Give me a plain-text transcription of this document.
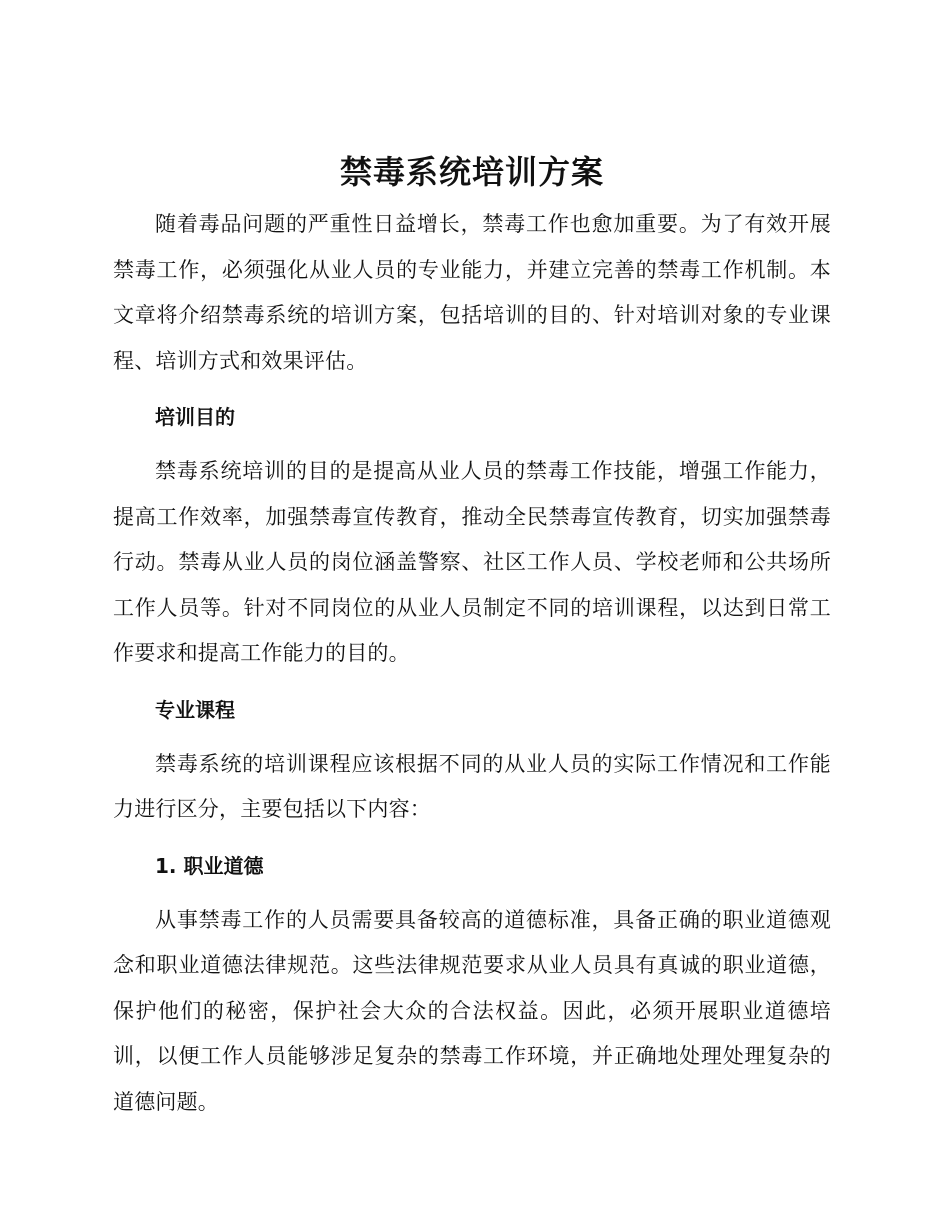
禁毒系统培训方案

随着毒品问题的严重性日益增长，禁毒工作也愈加重要。为了有效开展禁毒工作，必须强化从业人员的专业能力，并建立完善的禁毒工作机制。本文章将介绍禁毒系统的培训方案，包括培训的目的、针对培训对象的专业课程、培训方式和效果评估。

培训目的

禁毒系统培训的目的是提高从业人员的禁毒工作技能，增强工作能力，提高工作效率，加强禁毒宣传教育，推动全民禁毒宣传教育，切实加强禁毒行动。禁毒从业人员的岗位涵盖警察、社区工作人员、学校老师和公共场所工作人员等。针对不同岗位的从业人员制定不同的培训课程，以达到日常工作要求和提高工作能力的目的。

专业课程

禁毒系统的培训课程应该根据不同的从业人员的实际工作情况和工作能力进行区分，主要包括以下内容：

1. 职业道德

从事禁毒工作的人员需要具备较高的道德标准，具备正确的职业道德观念和职业道德法律规范。这些法律规范要求从业人员具有真诚的职业道德，保护他们的秘密，保护社会大众的合法权益。因此，必须开展职业道德培训，以便工作人员能够涉足复杂的禁毒工作环境，并正确地处理处理复杂的道德问题。
